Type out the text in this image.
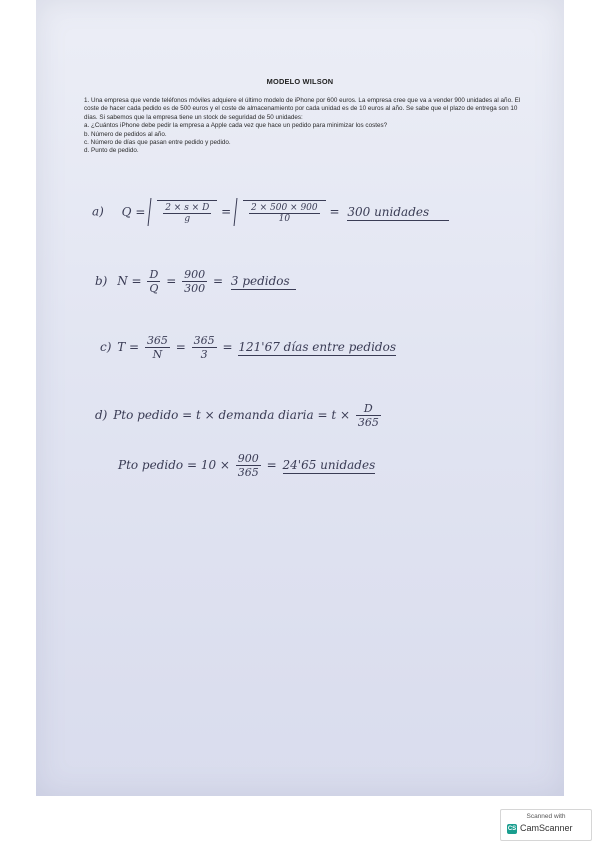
MODELO WILSON

1. Una empresa que vende teléfonos móviles adquiere el último modelo de iPhone por 600 euros. La empresa cree que va a vender 900 unidades al año. El coste de hacer cada pedido es de 500 euros y el coste de almacenamiento por cada unidad es de 10 euros al año. Se sabe que el plazo de entrega son 10 días. Si sabemos que la empresa tiene un stock de seguridad de 50 unidades:

a. ¿Cuántos iPhone debe pedir la empresa a Apple cada vez que hace un pedido para minimizar los costes?

b. Número de pedidos al año.

c. Número de días que pasan entre pedido y pedido.

d. Punto de pedido.

a) $Q = \frac{2 \times s \times D}{g} = \frac{2 \times 500 \times 900}{10} = 300$ unidades
b) $N = \frac{D}{Q} = \frac{900}{300} = 3$ pedidos
c) $T = \frac{365}{N} = \frac{365}{3} = 121'67$ días entre pedidos
d) Pto pedido = t × demanda diaria = $t \times \frac{D}{365}$
Pto pedido = $10 \times \frac{900}{365} = 24'65$ unidades
Scanned with
CS CamScanner
